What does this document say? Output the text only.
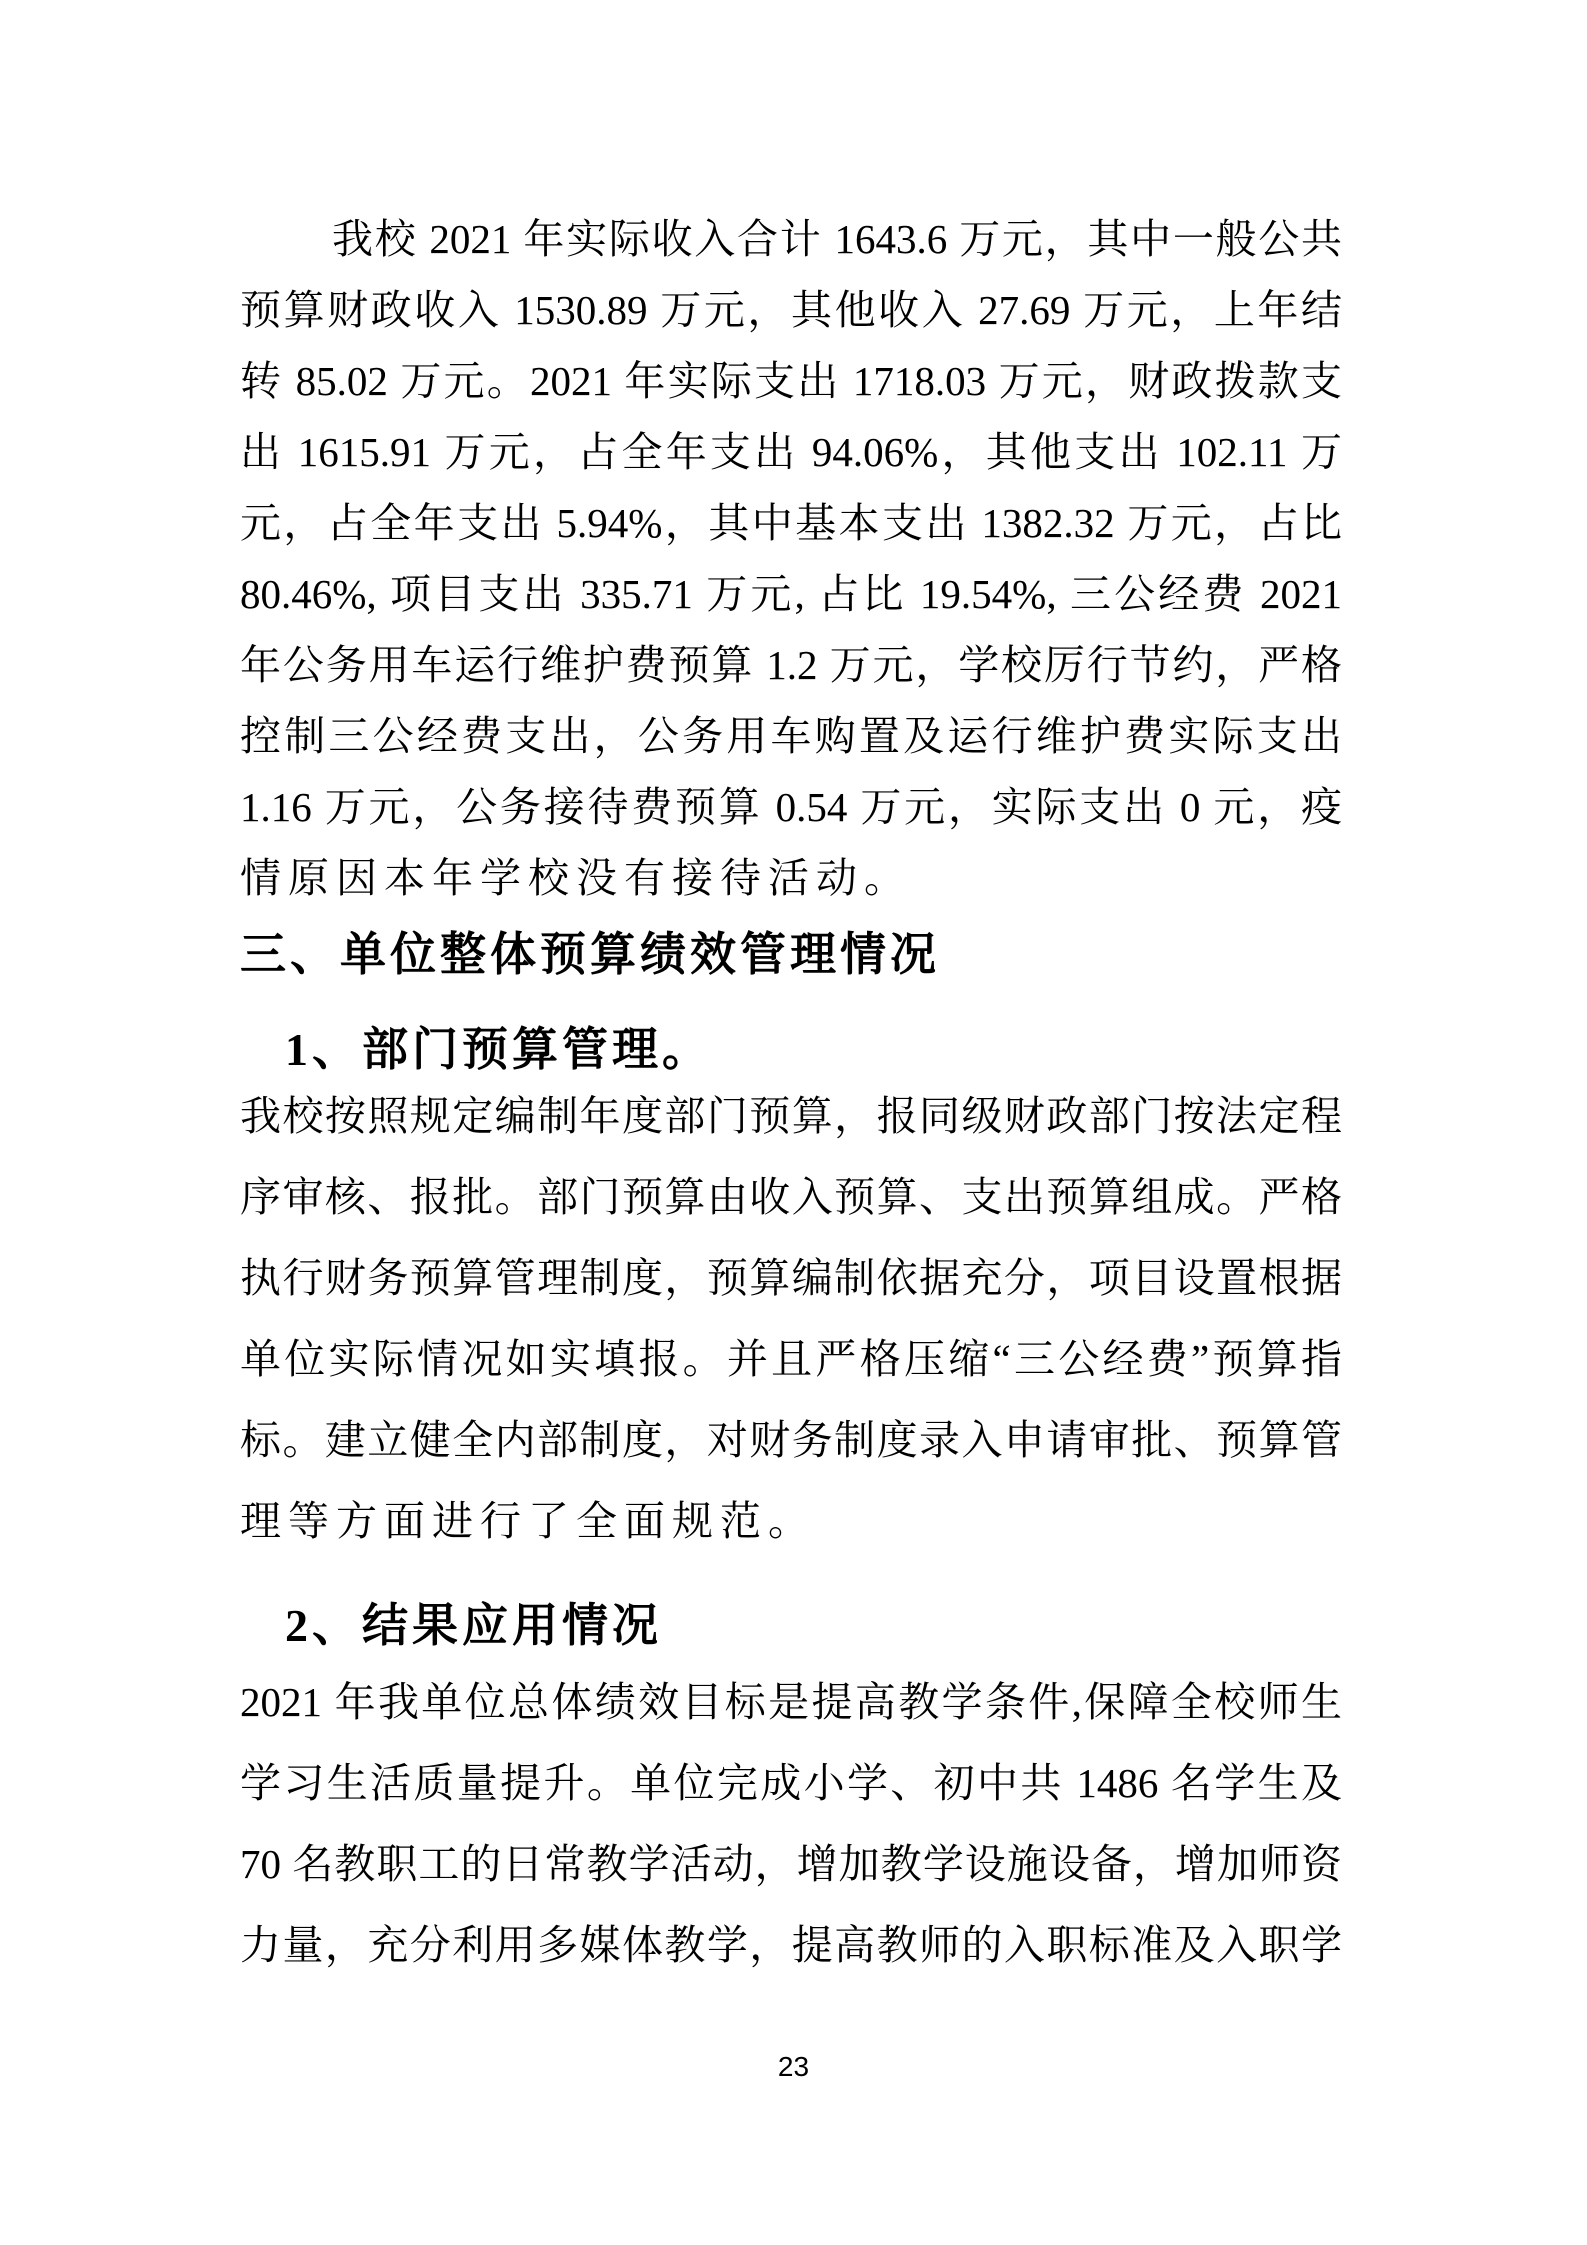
我校 2021 年实际收入合计 1643.6 万元，其中一般公共
预算财政收入 1530.89 万元，其他收入 27.69 万元，上年结
转 85.02 万元。2021 年实际支出 1718.03 万元，财政拨款支
出 1615.91 万元，占全年支出 94.06%，其他支出 102.11 万
元，占全年支出 5.94%，其中基本支出 1382.32 万元，占比
80.46%, 项目支出 335.71 万元, 占比 19.54%, 三公经费 2021
年公务用车运行维护费预算 1.2 万元，学校厉行节约，严格
控制三公经费支出，公务用车购置及运行维护费实际支出
1.16 万元，公务接待费预算 0.54 万元，实际支出 0 元，疫
情原因本年学校没有接待活动。
三、单位整体预算绩效管理情况
1、部门预算管理。
我校按照规定编制年度部门预算，报同级财政部门按法定程
序审核、报批。部门预算由收入预算、支出预算组成。严格
执行财务预算管理制度，预算编制依据充分，项目设置根据
单位实际情况如实填报。并且严格压缩“三公经费”预算指
标。建立健全内部制度，对财务制度录入申请审批、预算管
理等方面进行了全面规范。
2、结果应用情况
2021 年我单位总体绩效目标是提高教学条件,保障全校师生
学习生活质量提升。单位完成小学、初中共 1486 名学生及
70 名教职工的日常教学活动，增加教学设施设备，增加师资
力量，充分利用多媒体教学，提高教师的入职标准及入职学
23
